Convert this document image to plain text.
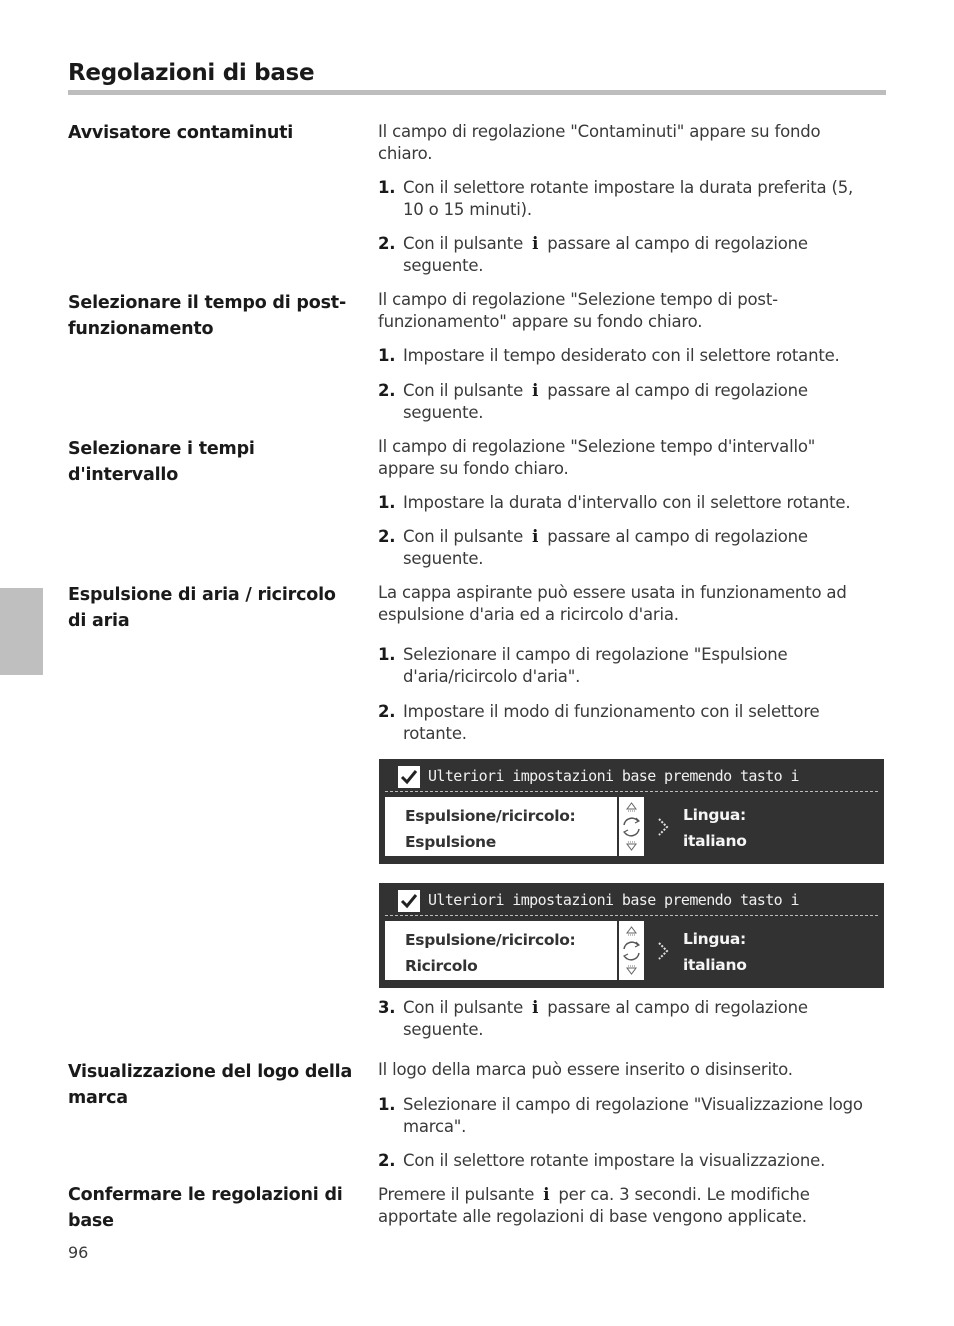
Regolazioni di base
Avvisatore contaminuti	Il campo di regolazione "Contaminuti" appare su fondo chiaro.

1. Con il selettore rotante impostare la durata preferita (5, 10 o 15 minuti).
2. Con il pulsante i passare al campo di regolazione seguente.
Selezionare il tempo di post-funzionamento

Il campo di regolazione "Selezione tempo di post-funzionamento" appare su fondo chiaro.

1. Impostare il tempo desiderato con il selettore rotante.
2. Con il pulsante i passare al campo di regolazione seguente.
Selezionare i tempi d'intervallo

Il campo di regolazione "Selezione tempo d'intervallo" appare su fondo chiaro.

1. Impostare la durata d'intervallo con il selettore rotante.
2. Con il pulsante i passare al campo di regolazione seguente.
Espulsione di aria / ricircolo di aria

La cappa aspirante può essere usata in funzionamento ad espulsione d'aria ed a ricircolo d'aria.

1. Selezionare il campo di regolazione "Espulsione d'aria/ricircolo d'aria".
2. Impostare il modo di funzionamento con il selettore rotante.
Ulteriori impostazioni base premendo tasto i
Espulsione/ricircolo:
Espulsione
Lingua:
italiano
Ulteriori impostazioni base premendo tasto i
Espulsione/ricircolo:
Ricircolo
Lingua:
italiano
3. Con il pulsante i passare al campo di regolazione seguente.
Visualizzazione del logo della marca

Il logo della marca può essere inserito o disinserito.

1. Selezionare il campo di regolazione "Visualizzazione logo marca".
2. Con il selettore rotante impostare la visualizzazione.
Confermare le regolazioni di base

Premere il pulsante i per ca. 3 secondi. Le modifiche apportate alle regolazioni di base vengono applicate.

96
